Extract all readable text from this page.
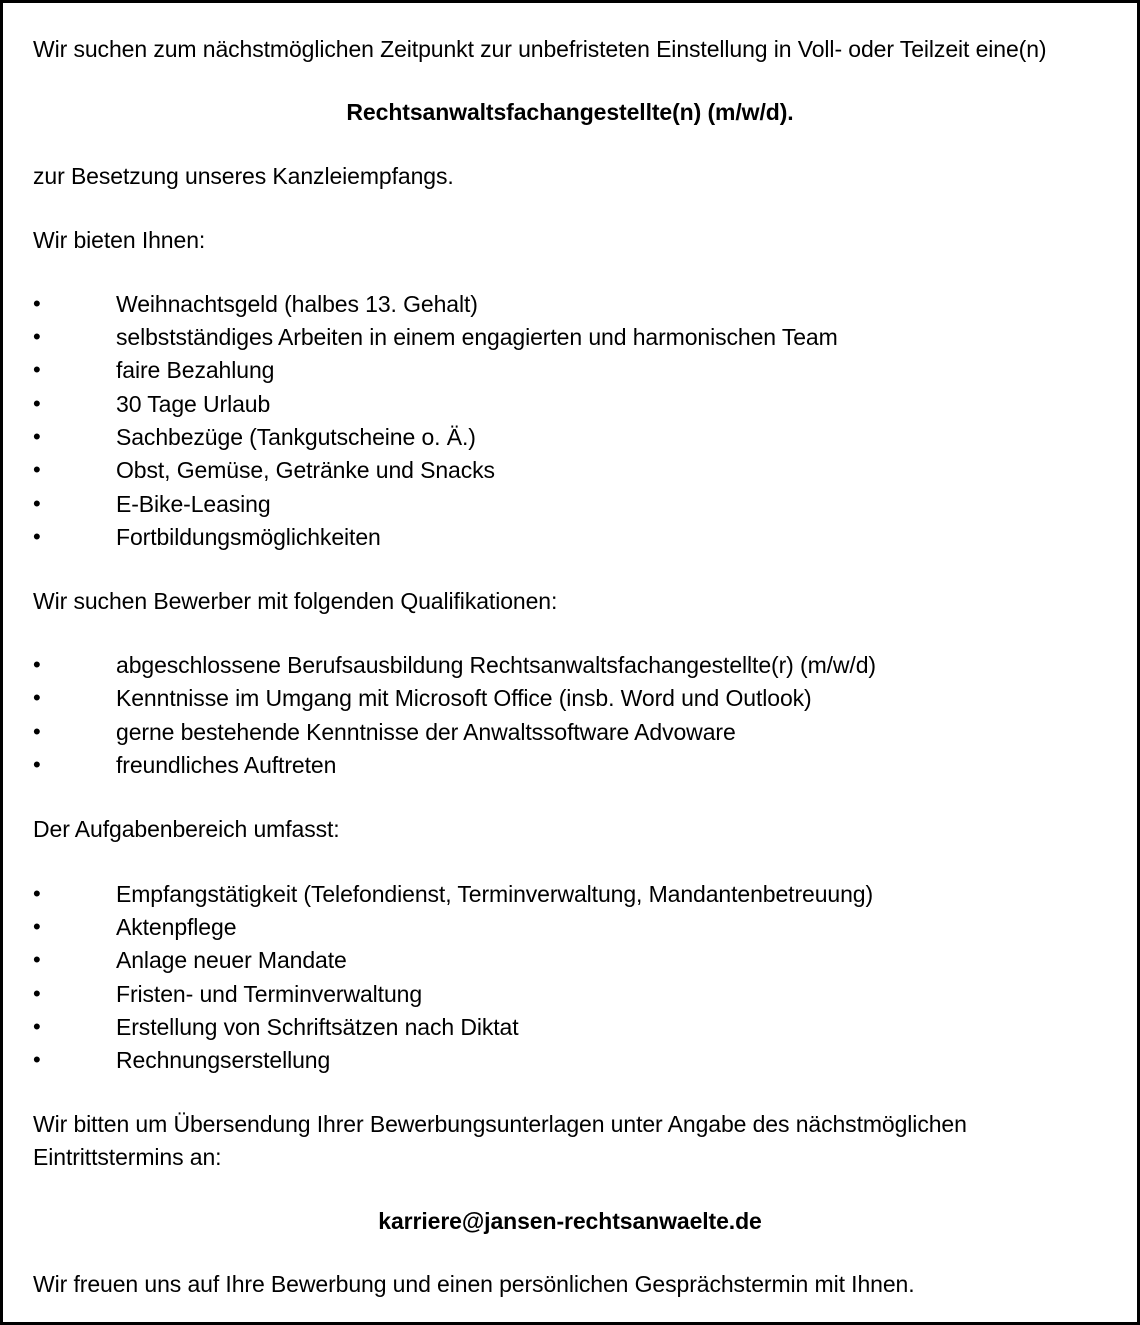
Wir suchen zum nächstmöglichen Zeitpunkt zur unbefristeten Einstellung in Voll- oder Teilzeit eine(n)
Rechtsanwaltsfachangestellte(n) (m/w/d).
zur Besetzung unseres Kanzleiempfangs.
Wir bieten Ihnen:
•	Weihnachtsgeld (halbes 13. Gehalt)
•	selbstständiges Arbeiten in einem engagierten und harmonischen Team
•	faire Bezahlung
•	30 Tage Urlaub
•	Sachbezüge (Tankgutscheine o. Ä.)
•	Obst, Gemüse, Getränke und Snacks
•	E-Bike-Leasing
•	Fortbildungsmöglichkeiten
Wir suchen Bewerber mit folgenden Qualifikationen:
•	abgeschlossene Berufsausbildung Rechtsanwaltsfachangestellte(r) (m/w/d)
•	Kenntnisse im Umgang mit Microsoft Office (insb. Word und Outlook)
•	gerne bestehende Kenntnisse der Anwaltssoftware Advoware
•	freundliches Auftreten
Der Aufgabenbereich umfasst:
•	Empfangstätigkeit (Telefondienst, Terminverwaltung, Mandantenbetreuung)
•	Aktenpflege
•	Anlage neuer Mandate
•	Fristen- und Terminverwaltung
•	Erstellung von Schriftsätzen nach Diktat
•	Rechnungserstellung
Wir bitten um Übersendung Ihrer Bewerbungsunterlagen unter Angabe des nächstmöglichen Eintrittstermins an:
karriere@jansen-rechtsanwaelte.de
Wir freuen uns auf Ihre Bewerbung und einen persönlichen Gesprächstermin mit Ihnen.
